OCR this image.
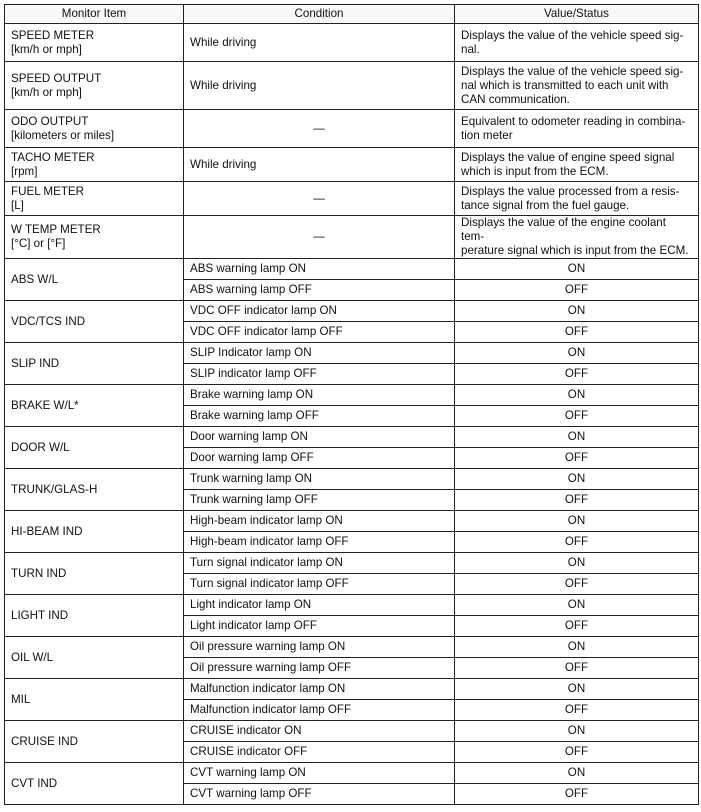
Monitor Item	Condition	Value/Status

SPEED METER
[km/h or mph]	While driving	Displays the value of the vehicle speed sig-
nal.

SPEED OUTPUT
[km/h or mph]	While driving	Displays the value of the vehicle speed sig-
nal which is transmitted to each unit with
CAN communication.

ODO OUTPUT
[kilometers or miles]	—	Equivalent to odometer reading in combina-
tion meter

TACHO METER
[rpm]	While driving	Displays the value of engine speed signal
which is input from the ECM.

FUEL METER
[L]	—	Displays the value processed from a resis-
tance signal from the fuel gauge.

W TEMP METER
[°C] or [°F]	—	Displays the value of the engine coolant tem-
perature signal which is input from the ECM.

ABS W/L	ABS warning lamp ON	ON
	ABS warning lamp OFF	OFF
VDC/TCS IND	VDC OFF indicator lamp ON	ON
	VDC OFF indicator lamp OFF	OFF
SLIP IND	SLIP Indicator lamp ON	ON
	SLIP indicator lamp OFF	OFF
BRAKE W/L*	Brake warning lamp ON	ON
	Brake warning lamp OFF	OFF
DOOR W/L	Door warning lamp ON	ON
	Door warning lamp OFF	OFF
TRUNK/GLAS-H	Trunk warning lamp ON	ON
	Trunk warning lamp OFF	OFF
HI-BEAM IND	High-beam indicator lamp ON	ON
	High-beam indicator lamp OFF	OFF
TURN IND	Turn signal indicator lamp ON	ON
	Turn signal indicator lamp OFF	OFF
LIGHT IND	Light indicator lamp ON	ON
	Light indicator lamp OFF	OFF
OIL W/L	Oil pressure warning lamp ON	ON
	Oil pressure warning lamp OFF	OFF
MIL	Malfunction indicator lamp ON	ON
	Malfunction indicator lamp OFF	OFF
CRUISE IND	CRUISE indicator ON	ON
	CRUISE indicator OFF	OFF
CVT IND	CVT warning lamp ON	ON
	CVT warning lamp OFF	OFF
